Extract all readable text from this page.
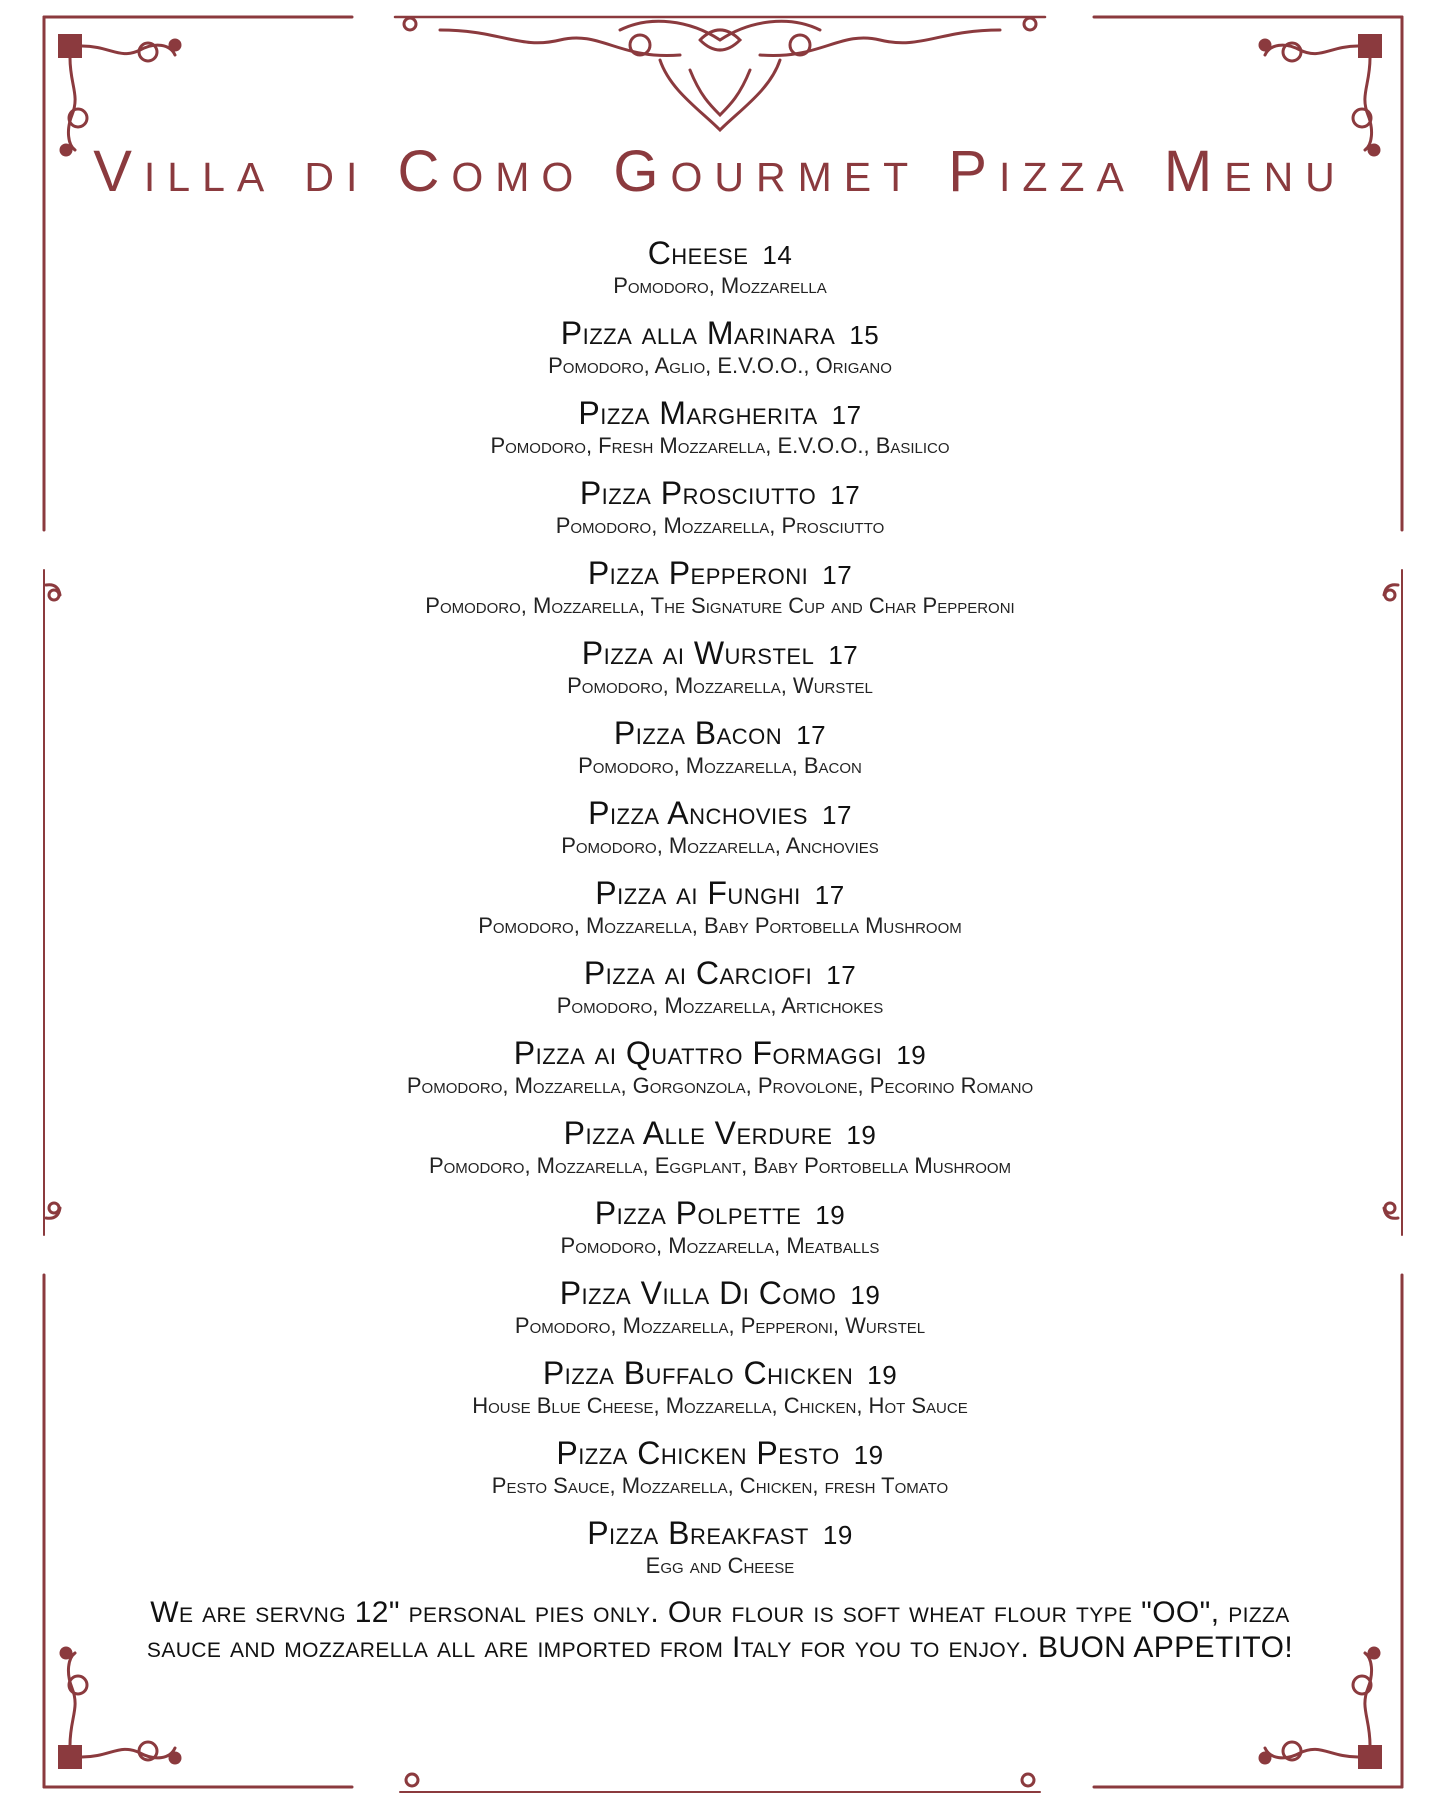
Villa di Como Gourmet Pizza Menu
Cheese 14
Pomodoro, Mozzarella
Pizza alla Marinara 15
Pomodoro, Aglio, E.V.O.O., Origano
Pizza Margherita 17
Pomodoro, Fresh Mozzarella, E.V.O.O., Basilico
Pizza Prosciutto 17
Pomodoro, Mozzarella, Prosciutto
Pizza Pepperoni 17
Pomodoro, Mozzarella, The Signature Cup and Char Pepperoni
Pizza ai Wurstel 17
Pomodoro, Mozzarella, Wurstel
Pizza Bacon 17
Pomodoro, Mozzarella, Bacon
Pizza Anchovies 17
Pomodoro, Mozzarella, Anchovies
Pizza ai Funghi 17
Pomodoro, Mozzarella, Baby Portobella Mushroom
Pizza ai Carciofi 17
Pomodoro, Mozzarella, Artichokes
Pizza ai Quattro Formaggi 19
Pomodoro, Mozzarella, Gorgonzola, Provolone, Pecorino Romano
Pizza Alle Verdure 19
Pomodoro, Mozzarella, Eggplant, Baby Portobella Mushroom
Pizza Polpette 19
Pomodoro, Mozzarella, Meatballs
Pizza Villa Di Como 19
Pomodoro, Mozzarella, Pepperoni, Wurstel
Pizza Buffalo Chicken 19
House Blue Cheese, Mozzarella, Chicken, Hot Sauce
Pizza Chicken Pesto 19
Pesto Sauce, Mozzarella, Chicken, fresh Tomato
Pizza Breakfast 19
Egg and Cheese

We are servng 12" personal pies only. Our flour is soft wheat flour type "OO", pizza sauce and mozzarella all are imported from Italy for you to enjoy. BUON APPETITO!
